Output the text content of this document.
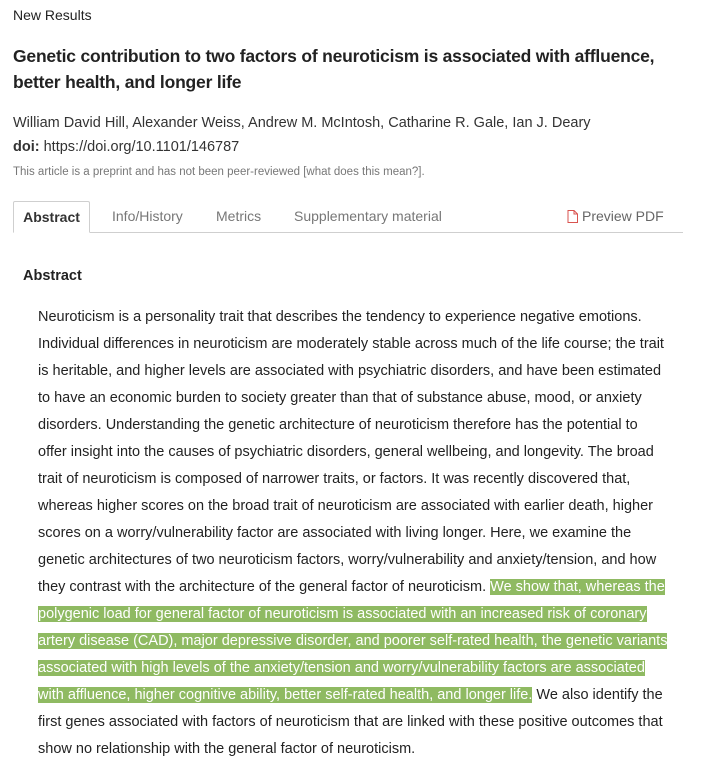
New Results
Genetic contribution to two factors of neuroticism is associated with affluence, better health, and longer life
William David Hill, Alexander Weiss, Andrew M. McIntosh, Catharine R. Gale, Ian J. Deary
doi: https://doi.org/10.1101/146787
This article is a preprint and has not been peer-reviewed [what does this mean?].
Abstract	Info/History Metrics Supplementary material	Preview PDF
Abstract
Neuroticism is a personality trait that describes the tendency to experience negative emotions. Individual differences in neuroticism are moderately stable across much of the life course; the trait is heritable, and higher levels are associated with psychiatric disorders, and have been estimated to have an economic burden to society greater than that of substance abuse, mood, or anxiety disorders. Understanding the genetic architecture of neuroticism therefore has the potential to offer insight into the causes of psychiatric disorders, general wellbeing, and longevity. The broad trait of neuroticism is composed of narrower traits, or factors. It was recently discovered that, whereas higher scores on the broad trait of neuroticism are associated with earlier death, higher scores on a worry/vulnerability factor are associated with living longer. Here, we examine the genetic architectures of two neuroticism factors, worry/vulnerability and anxiety/tension, and how they contrast with the architecture of the general factor of neuroticism. We show that, whereas the polygenic load for general factor of neuroticism is associated with an increased risk of coronary artery disease (CAD), major depressive disorder, and poorer self-rated health, the genetic variants associated with high levels of the anxiety/tension and worry/vulnerability factors are associated with affluence, higher cognitive ability, better self-rated health, and longer life. We also identify the first genes associated with factors of neuroticism that are linked with these positive outcomes that show no relationship with the general factor of neuroticism.
